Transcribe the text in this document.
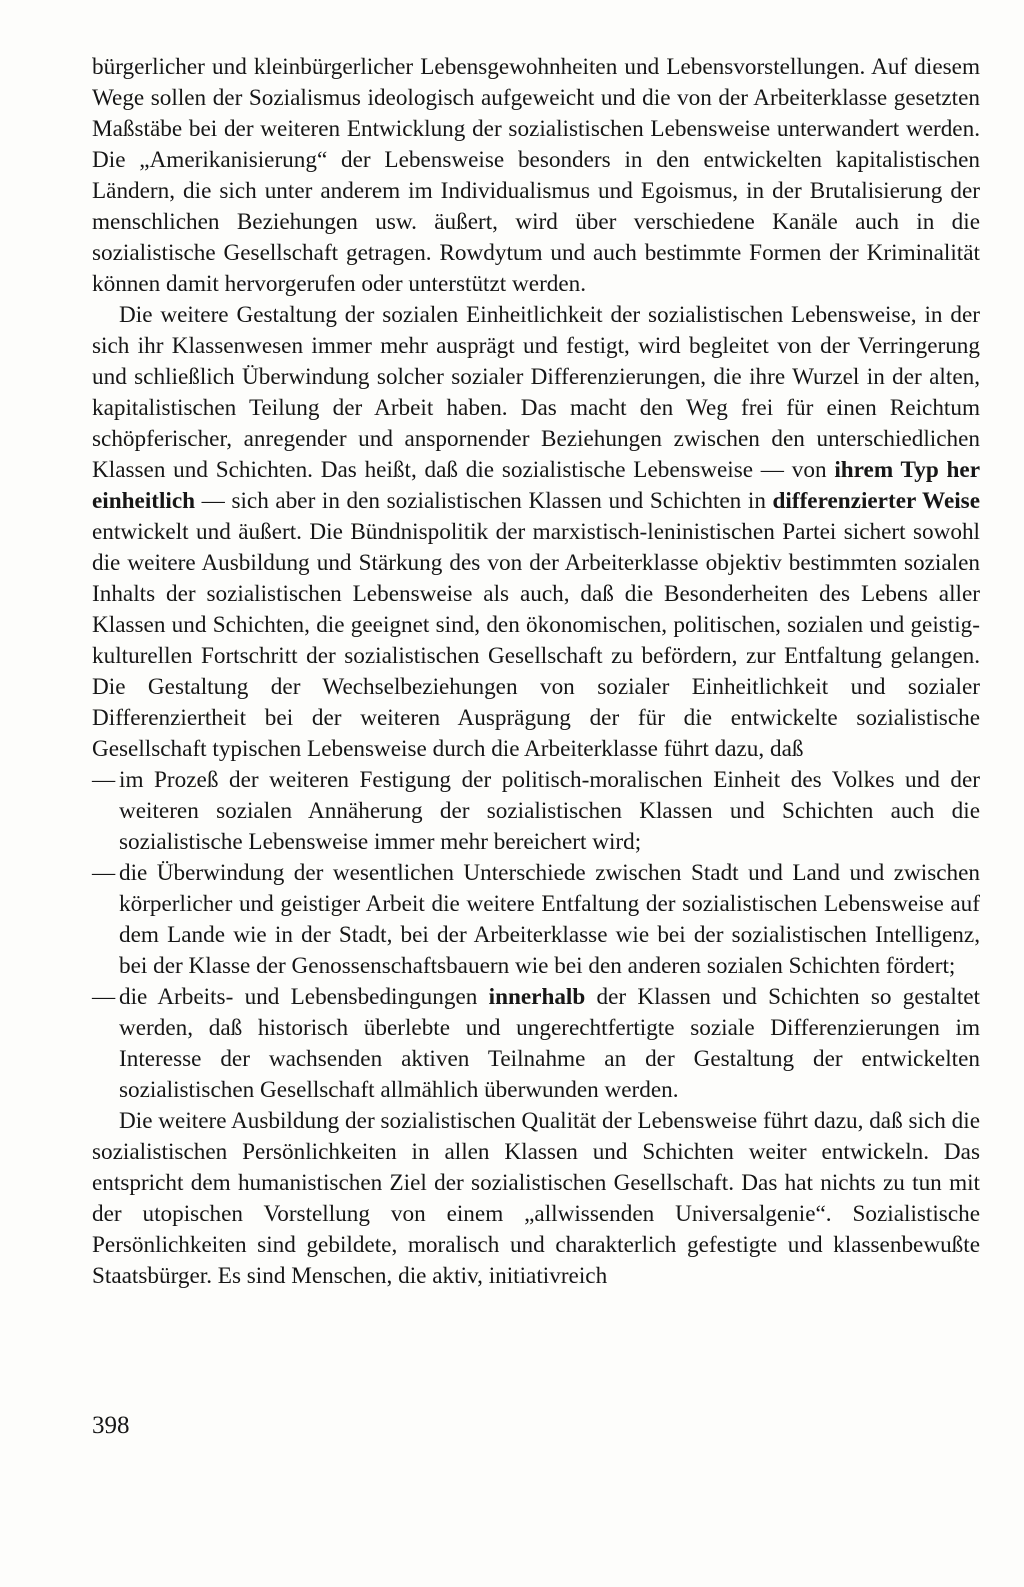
bürgerlicher und kleinbürgerlicher Lebensgewohnheiten und Lebensvorstellungen. Auf diesem Wege sollen der Sozialismus ideologisch aufgeweicht und die von der Arbeiterklasse gesetzten Maßstäbe bei der weiteren Entwicklung der sozialistischen Lebensweise unterwandert werden. Die „Amerikanisierung“ der Lebensweise besonders in den entwickelten kapitalistischen Ländern, die sich unter anderem im Individualismus und Egoismus, in der Brutalisierung der menschlichen Beziehungen usw. äußert, wird über verschiedene Kanäle auch in die sozialistische Gesellschaft getragen. Rowdytum und auch bestimmte Formen der Kriminalität können damit hervorgerufen oder unterstützt werden.

Die weitere Gestaltung der sozialen Einheitlichkeit der sozialistischen Lebensweise, in der sich ihr Klassenwesen immer mehr ausprägt und festigt, wird begleitet von der Verringerung und schließlich Überwindung solcher sozialer Differenzierungen, die ihre Wurzel in der alten, kapitalistischen Teilung der Arbeit haben. Das macht den Weg frei für einen Reichtum schöpferischer, anregender und anspornender Beziehungen zwischen den unterschiedlichen Klassen und Schichten. Das heißt, daß die sozialistische Lebensweise — von ihrem Typ her einheitlich — sich aber in den sozialistischen Klassen und Schichten in differenzierter Weise entwickelt und äußert. Die Bündnispolitik der marxistisch-leninistischen Partei sichert sowohl die weitere Ausbildung und Stärkung des von der Arbeiterklasse objektiv bestimmten sozialen Inhalts der sozialistischen Lebensweise als auch, daß die Besonderheiten des Lebens aller Klassen und Schichten, die geeignet sind, den ökonomischen, politischen, sozialen und geistig-kulturellen Fortschritt der sozialistischen Gesellschaft zu befördern, zur Entfaltung gelangen. Die Gestaltung der Wechselbeziehungen von sozialer Einheitlichkeit und sozialer Differenziertheit bei der weiteren Ausprägung der für die entwickelte sozialistische Gesellschaft typischen Lebensweise durch die Arbeiterklasse führt dazu, daß

— im Prozeß der weiteren Festigung der politisch-moralischen Einheit des Volkes und der weiteren sozialen Annäherung der sozialistischen Klassen und Schichten auch die sozialistische Lebensweise immer mehr bereichert wird;
— die Überwindung der wesentlichen Unterschiede zwischen Stadt und Land und zwischen körperlicher und geistiger Arbeit die weitere Entfaltung der sozialistischen Lebensweise auf dem Lande wie in der Stadt, bei der Arbeiterklasse wie bei der sozialistischen Intelligenz, bei der Klasse der Genossenschaftsbauern wie bei den anderen sozialen Schichten fördert;
— die Arbeits- und Lebensbedingungen innerhalb der Klassen und Schichten so gestaltet werden, daß historisch überlebte und ungerechtfertigte soziale Differenzierungen im Interesse der wachsenden aktiven Teilnahme an der Gestaltung der entwickelten sozialistischen Gesellschaft allmählich überwunden werden.

Die weitere Ausbildung der sozialistischen Qualität der Lebensweise führt dazu, daß sich die sozialistischen Persönlichkeiten in allen Klassen und Schichten weiter entwickeln. Das entspricht dem humanistischen Ziel der sozialistischen Gesellschaft. Das hat nichts zu tun mit der utopischen Vorstellung von einem „allwissenden Universalgenie“. Sozialistische Persönlichkeiten sind gebildete, moralisch und charakterlich gefestigte und klassenbewußte Staatsbürger. Es sind Menschen, die aktiv, initiativreich

398
